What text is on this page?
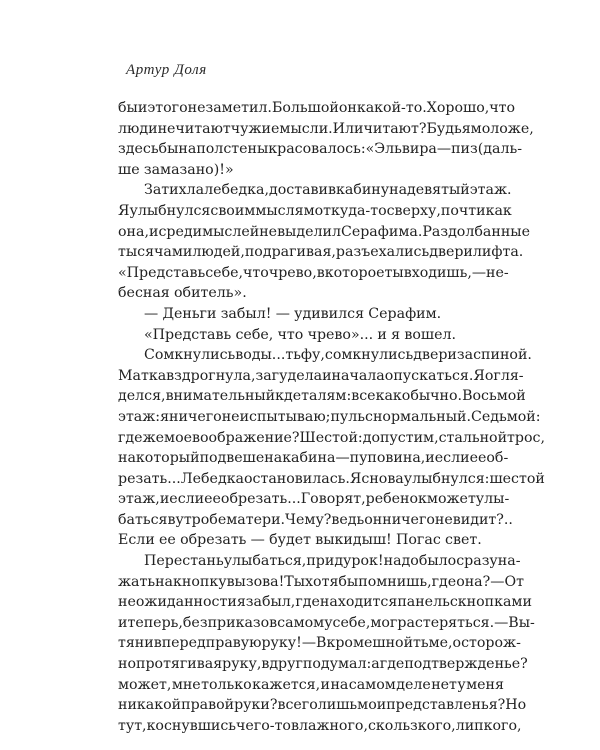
Артур Доля
бы и этого не заметил. Большой он какой-то. Хорошо, что
люди не читают чужие мысли. Или читают? Будь я моложе,
здесь бы на полстены красовалось: «Эльвира — пиз (даль-
ше замазано)!»
Затихла лебедка, доставив кабину на девятый этаж.
Я улыбнулся своим мыслям откуда-то сверху, почти как
она, и среди мыслей не выделил Серафима. Раздолбанные
тысячами людей, подрагивая, разъехались двери лифта.
«Представь себе, что чрево, в которое ты входишь, — не-
бесная обитель».
— Деньги забыл! — удивился Серафим.
«Представь себе, что чрево»... и я вошел.
Сомкнулись воды... тьфу, сомкнулись двери за спиной.
Матка вздрогнула, загудела и начала опускаться. Я огля-
делся, внимательный к деталям: все как обычно. Восьмой
этаж: я ничего не испытываю; пульс нормальный. Седьмой:
где же мое воображение? Шестой: допустим, стальной трос,
на который подвешена кабина — пуповина, и если ее об-
резать... Лебедка остановилась. Я снова улыбнулся: шестой
этаж, и если ее обрезать... Говорят, ребенок может улы-
баться в утробе матери. Чему? ведь он ничего не видит?..
Если ее обрезать — будет выкидыш! Погас свет.
Перестань улыбаться, придурок! надо было сразу на-
жать на кнопку вызова! Ты хотя бы помнишь, где она? — От
неожиданности я забыл, где находится панель с кнопками
и теперь, без приказов самому себе, мог растеряться. — Вы-
тяни вперед правую руку! — В кромешной тьме, осторож-
но протягивая руку, вдруг подумал: а где подтвержденье?
может, мне только кажется, и на самом деле нет у меня
никакой правой руки? всего лишь мои представленья? Но
тут, коснувшись чего-то влажного, скользкого, липкого,
